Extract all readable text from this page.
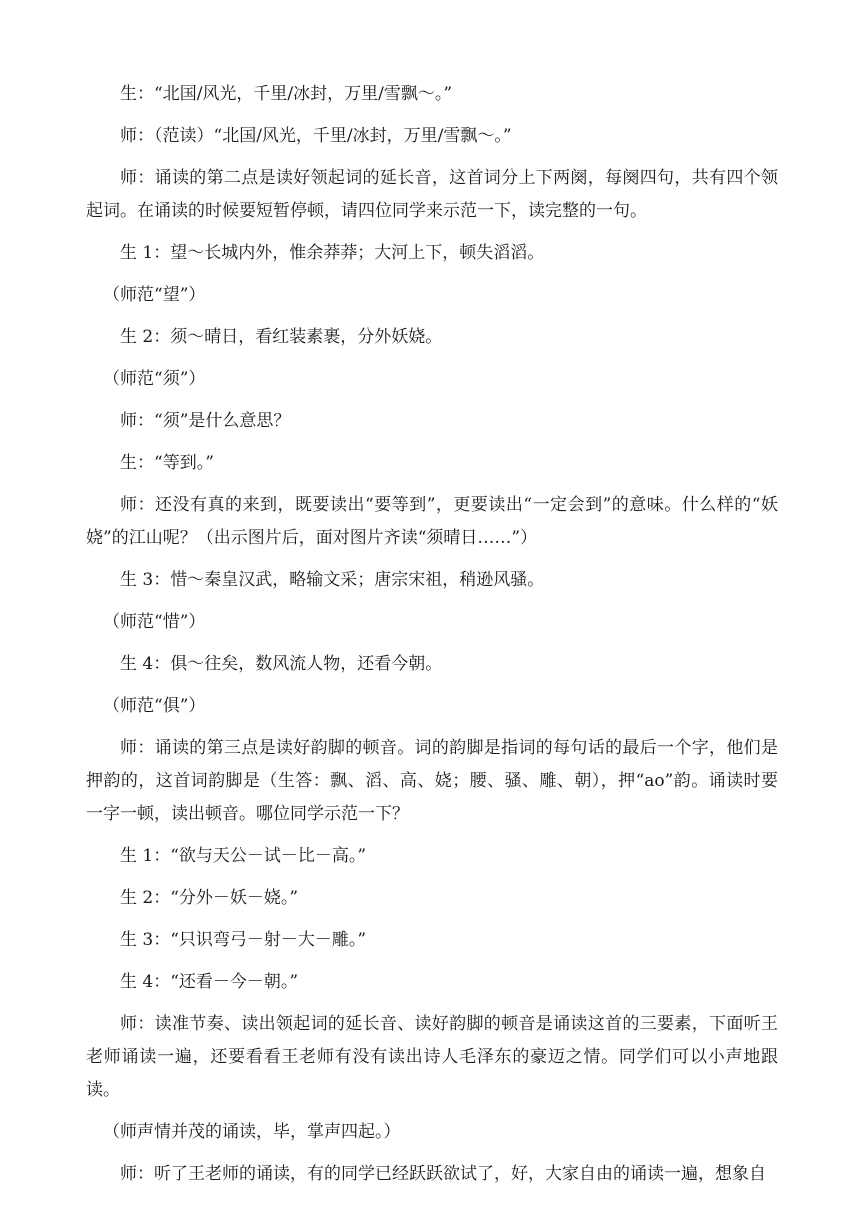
生：“北国/风光，千里/冰封，万里/雪飘～。”

师：（范读）“北国/风光，千里/冰封，万里/雪飘～。”

师：诵读的第二点是读好领起词的延长音，这首词分上下两阕，每阕四句，共有四个领起词。在诵读的时候要短暂停顿，请四位同学来示范一下，读完整的一句。

生 1：望～长城内外，惟余莽莽；大河上下，顿失滔滔。

（师范“望”）

生 2：须～晴日，看红装素裹，分外妖娆。

（师范“须”）

师：“须”是什么意思？

生：“等到。”

师：还没有真的来到，既要读出“要等到”，更要读出“一定会到”的意味。什么样的“妖娆”的江山呢？（出示图片后，面对图片齐读“须晴日……”）

生 3：惜～秦皇汉武，略输文采；唐宗宋祖，稍逊风骚。

（师范“惜”）

生 4：俱～往矣，数风流人物，还看今朝。

（师范“俱”）

师：诵读的第三点是读好韵脚的顿音。词的韵脚是指词的每句话的最后一个字，他们是押韵的，这首词韵脚是（生答：飘、滔、高、娆；腰、骚、雕、朝），押“ao”韵。诵读时要一字一顿，读出顿音。哪位同学示范一下？

生 1：“欲与天公－试－比－高。”

生 2：“分外－妖－娆。”

生 3：“只识弯弓－射－大－雕。”

生 4：“还看－今－朝。”

师：读准节奏、读出领起词的延长音、读好韵脚的顿音是诵读这首的三要素，下面听王老师诵读一遍，还要看看王老师有没有读出诗人毛泽东的豪迈之情。同学们可以小声地跟读。

（师声情并茂的诵读，毕，掌声四起。）

师：听了王老师的诵读，有的同学已经跃跃欲试了，好，大家自由的诵读一遍，想象自
